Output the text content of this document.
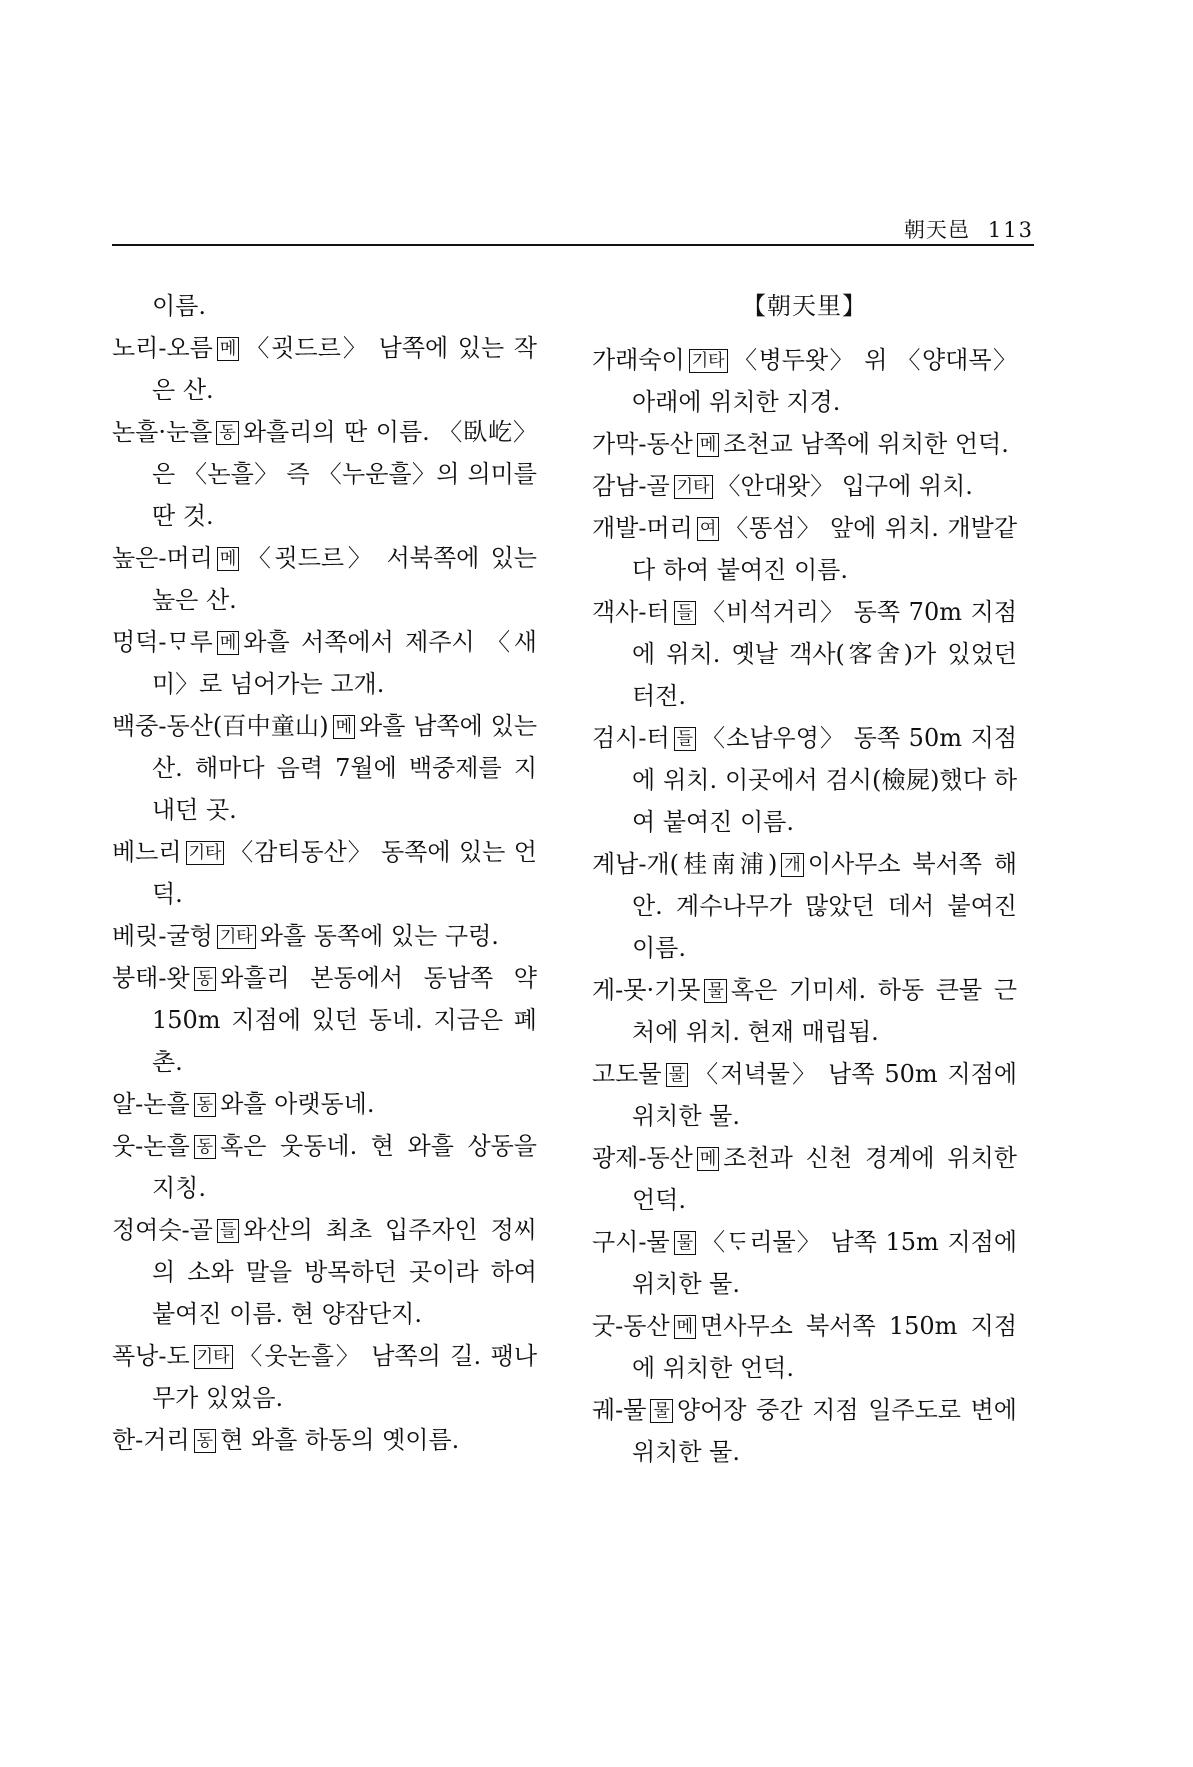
朝天邑 113

이름.

노리-오름 메 〈굇드르〉 남쪽에 있는 작은 산.

논흘·눈흘 동 와흘리의 딴 이름. 〈臥屹〉은 〈논흘〉 즉 〈누운흘〉의 의미를 딴 것.

높은-머리 메 〈굇드르〉 서북쪽에 있는 높은 산.

멍덕-ᄆᆞ루 메 와흘 서쪽에서 제주시 〈새미〉로 넘어가는 고개.

백중-동산(百中童山) 메 와흘 남쪽에 있는 산. 해마다 음력 7월에 백중제를 지내던 곳.

베느리 기타 〈감티동산〉 동쪽에 있는 언덕.

베릿-굴헝 기타 와흘 동쪽에 있는 구렁.

붕태-왓 동 와흘리 본동에서 동남쪽 약 150m 지점에 있던 동네. 지금은 폐촌.

알-논흘 동 와흘 아랫동네.

웃-논흘 동 혹은 웃동네. 현 와흘 상동을 지칭.

정여슷-골 들 와산의 최초 입주자인 정씨의 소와 말을 방목하던 곳이라 하여 붙여진 이름. 현 양잠단지.

폭낭-도 기타 〈웃논흘〉 남쪽의 길. 팽나무가 있었음.

한-거리 동 현 와흘 하동의 옛이름.

【朝天里】

가래숙이 기타 〈병두왓〉 위 〈양대목〉 아래에 위치한 지경.

가막-동산 메 조천교 남쪽에 위치한 언덕.

감남-골 기타 〈안대왓〉 입구에 위치.

개발-머리 여 〈똥섬〉 앞에 위치. 개발같다 하여 붙여진 이름.

객사-터 들 〈비석거리〉 동쪽 70m 지점에 위치. 옛날 객사(客舍)가 있었던 터전.

검시-터 들 〈소남우영〉 동쪽 50m 지점에 위치. 이곳에서 검시(檢屍)했다 하여 붙여진 이름.

계남-개(桂南浦) 개 이사무소 북서쪽 해안. 계수나무가 많았던 데서 붙여진 이름.

게-못·기못 물 혹은 기미세. 하동 큰물 근처에 위치. 현재 매립됨.

고도물 물 〈저녁물〉 남쪽 50m 지점에 위치한 물.

광제-동산 메 조천과 신천 경계에 위치한 언덕.

구시-물 물 〈ᄃᆞ리물〉 남쪽 15m 지점에 위치한 물.

굿-동산 메 면사무소 북서쪽 150m 지점에 위치한 언덕.

궤-물 물 양어장 중간 지점 일주도로 변에 위치한 물.
